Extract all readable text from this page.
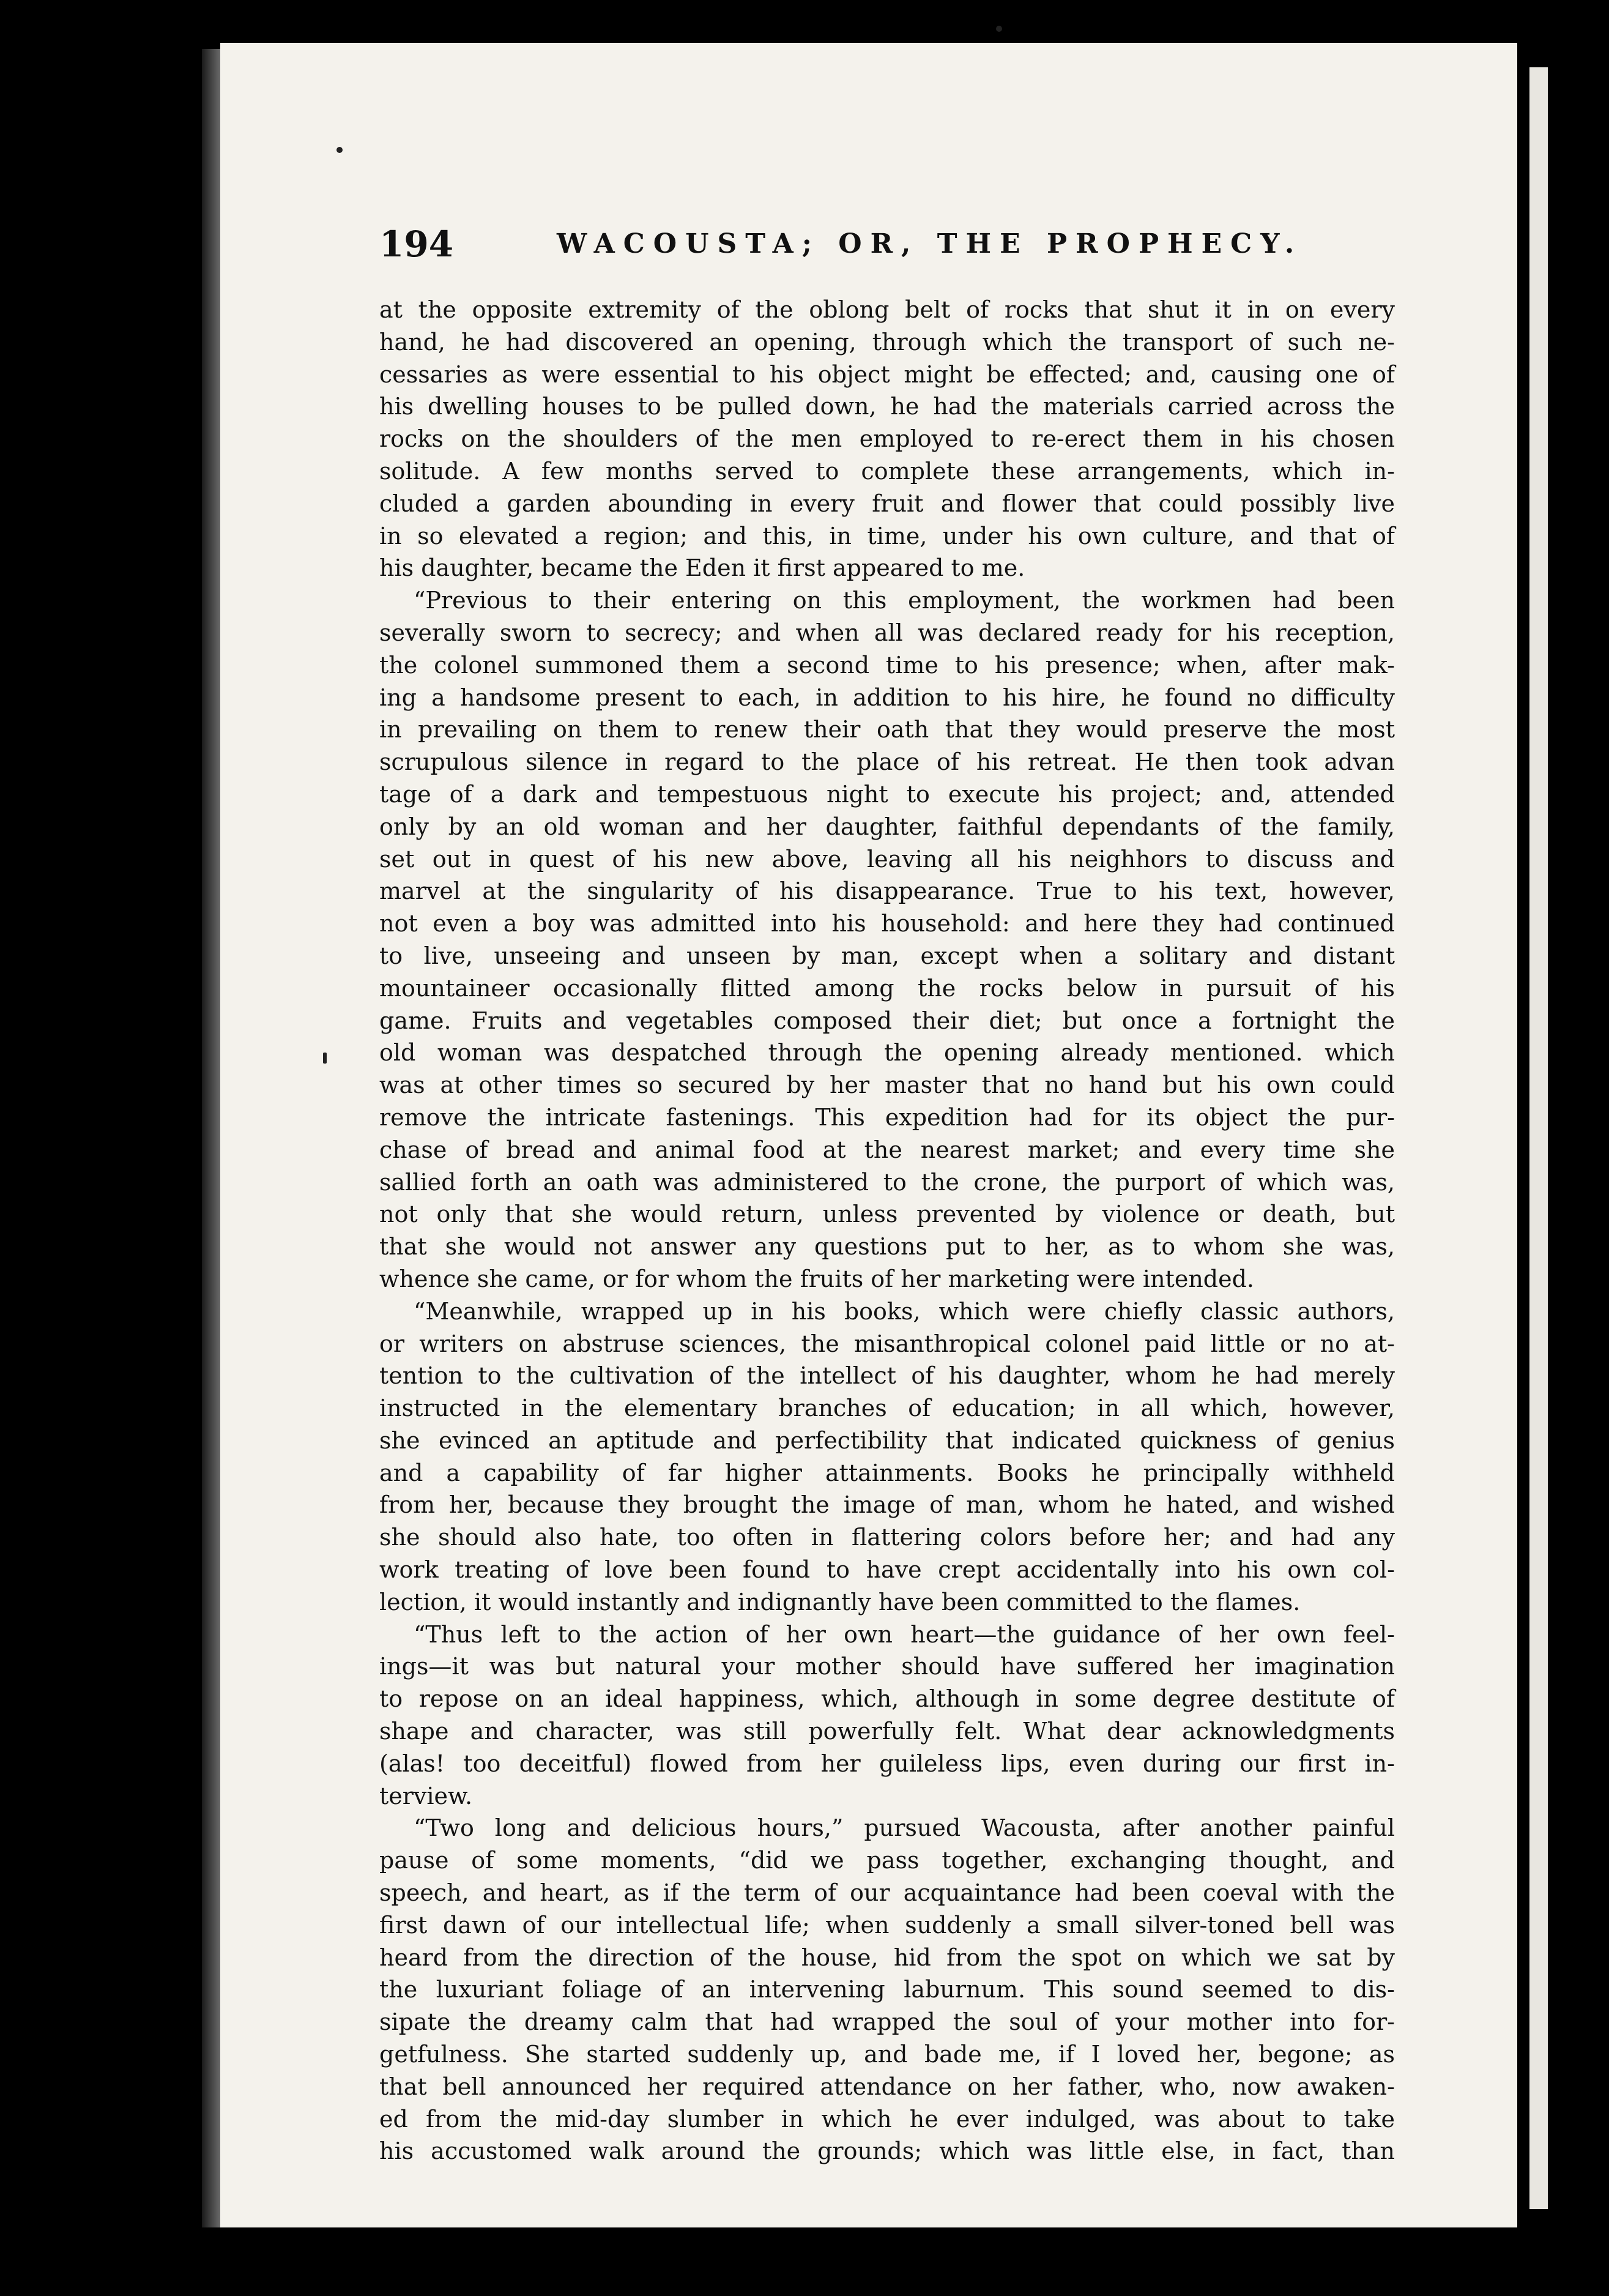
194	WACOUSTA; OR, THE PROPHECY.
at the opposite extremity of the oblong belt of rocks that shut it in on every
hand, he had discovered an opening, through which the transport of such ne-
cessaries as were essential to his object might be effected; and, causing one of
his dwelling houses to be pulled down, he had the materials carried across the
rocks on the shoulders of the men employed to re-erect them in his chosen
solitude. A few months served to complete these arrangements, which in-
cluded a garden abounding in every fruit and flower that could possibly live
in so elevated a region; and this, in time, under his own culture, and that of
his daughter, became the Eden it first appeared to me.
“Previous to their entering on this employment, the workmen had been
severally sworn to secrecy; and when all was declared ready for his reception,
the colonel summoned them a second time to his presence; when, after mak-
ing a handsome present to each, in addition to his hire, he found no difficulty
in prevailing on them to renew their oath that they would preserve the most
scrupulous silence in regard to the place of his retreat. He then took advan
tage of a dark and tempestuous night to execute his project; and, attended
only by an old woman and her daughter, faithful dependants of the family,
set out in quest of his new above, leaving all his neighhors to discuss and
marvel at the singularity of his disappearance. True to his text, however,
not even a boy was admitted into his household: and here they had continued
to live, unseeing and unseen by man, except when a solitary and distant
mountaineer occasionally flitted among the rocks below in pursuit of his
game. Fruits and vegetables composed their diet; but once a fortnight the
old woman was despatched through the opening already mentioned. which
was at other times so secured by her master that no hand but his own could
remove the intricate fastenings. This expedition had for its object the pur-
chase of bread and animal food at the nearest market; and every time she
sallied forth an oath was administered to the crone, the purport of which was,
not only that she would return, unless prevented by violence or death, but
that she would not answer any questions put to her, as to whom she was,
whence she came, or for whom the fruits of her marketing were intended.
“Meanwhile, wrapped up in his books, which were chiefly classic authors,
or writers on abstruse sciences, the misanthropical colonel paid little or no at-
tention to the cultivation of the intellect of his daughter, whom he had merely
instructed in the elementary branches of education; in all which, however,
she evinced an aptitude and perfectibility that indicated quickness of genius
and a capability of far higher attainments. Books he principally withheld
from her, because they brought the image of man, whom he hated, and wished
she should also hate, too often in flattering colors before her; and had any
work treating of love been found to have crept accidentally into his own col-
lection, it would instantly and indignantly have been committed to the flames.
“Thus left to the action of her own heart—the guidance of her own feel-
ings—it was but natural your mother should have suffered her imagination
to repose on an ideal happiness, which, although in some degree destitute of
shape and character, was still powerfully felt. What dear acknowledgments
(alas! too deceitful) flowed from her guileless lips, even during our first in-
terview.
“Two long and delicious hours,” pursued Wacousta, after another painful
pause of some moments, “did we pass together, exchanging thought, and
speech, and heart, as if the term of our acquaintance had been coeval with the
first dawn of our intellectual life; when suddenly a small silver-toned bell was
heard from the direction of the house, hid from the spot on which we sat by
the luxuriant foliage of an intervening laburnum. This sound seemed to dis-
sipate the dreamy calm that had wrapped the soul of your mother into for-
getfulness. She started suddenly up, and bade me, if I loved her, begone; as
that bell announced her required attendance on her father, who, now awaken-
ed from the mid-day slumber in which he ever indulged, was about to take
his accustomed walk around the grounds; which was little else, in fact, than
